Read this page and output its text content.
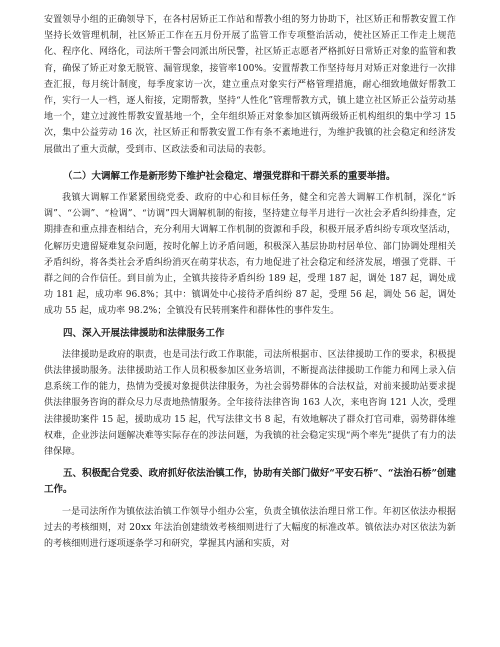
安置领导小组的正确领导下，在各村居矫正工作站和帮教小组的努力协助下，社区矫正和帮教安置工作坚持长效管理机制，社区矫正工作在五月份开展了监管工作专项整治活动，使社区矫正工作走上规范化、程序化、网络化，司法所干警会同派出所民警，社区矫正志愿者严格抓好日常矫正对象的监管和教育，确保了矫正对象无脱管、漏管现象，接管率100%。安置帮教工作坚持每月对矫正对象进行一次排查汇报，每月统计制度，每季度家访一次，建立重点对象实行严格管理措施，耐心细致地做好帮教工作，实行一人一档，逐人衔接，定期帮教，坚持“人性化”管理帮教方式，镇上建立社区矫正公益劳动基地一个，建立过渡性帮教安置基地一个，全年组织矫正对象参加区镇两级矫正机构组织的集中学习 15 次，集中公益劳动 16 次，社区矫正和帮教安置工作有条不紊地进行，为维护我镇的社会稳定和经济发展做出了重大贡献，受到市、区政法委和司法局的表彰。

（二）大调解工作是新形势下维护社会稳定、增强党群和干群关系的重要举措。

我镇大调解工作紧紧围绕党委、政府的中心和目标任务，健全和完善大调解工作机制，深化“诉调”、“公调”、“检调”、“访调”四大调解机制的衔接，坚持建立每半月进行一次社会矛盾纠纷排查，定期排查和重点排查相结合，充分利用大调解工作机制的资源和手段，积极开展矛盾纠纷专项攻坚活动，化解历史遗留疑难复杂问题，按时化解上访矛盾问题，积极深入基层协助村居单位、部门协调处理相关矛盾纠纷，将各类社会矛盾纠纷消灭在萌芽状态，有力地促进了社会稳定和经济发展，增强了党群、干群之间的合作信任。到目前为止，全镇共接待矛盾纠纷 189 起，受理 187 起，调处 187 起，调处成功 181 起，成功率 96.8%；其中：镇调处中心接待矛盾纠纷 87 起，受理 56 起，调处 56 起，调处成功 55 起，成功率 98.2%；全镇没有民转刑案件和群体性的事件发生。

四、深入开展法律援助和法律服务工作

法律援助是政府的职责，也是司法行政工作职能，司法所根据市、区法律援助工作的要求，积极提供法律援助服务。法律援助站工作人员积极参加区业务培训，不断提高法律援助工作能力和网上录入信息系统工作的能力，热情为受援对象提供法律服务，为社会弱势群体的合法权益，对前来援助站要求提供法律服务咨询的群众尽力尽责地热情服务。全年接待法律咨询 163 人次，来电咨询 121 人次，受理法律援助案件 15 起，援助成功 15 起，代写法律文书 8 起，有效地解决了群众打官司难，弱势群体维权难，企业涉法问题解决难等实际存在的涉法问题，为我镇的社会稳定实现“两个率先”提供了有力的法律保障。

五、积极配合党委、政府抓好依法治镇工作，协助有关部门做好“平安石桥”、“法治石桥”创建工作。

一是司法所作为镇依法治镇工作领导小组办公室，负责全镇依法治理日常工作。年初区依法办根据过去的考核细则，对 20xx 年法治创建绩效考核细则进行了大幅度的标准改革。镇依法办对区依法为新的考核细则进行逐项逐条学习和研究，掌握其内涵和实质，对
